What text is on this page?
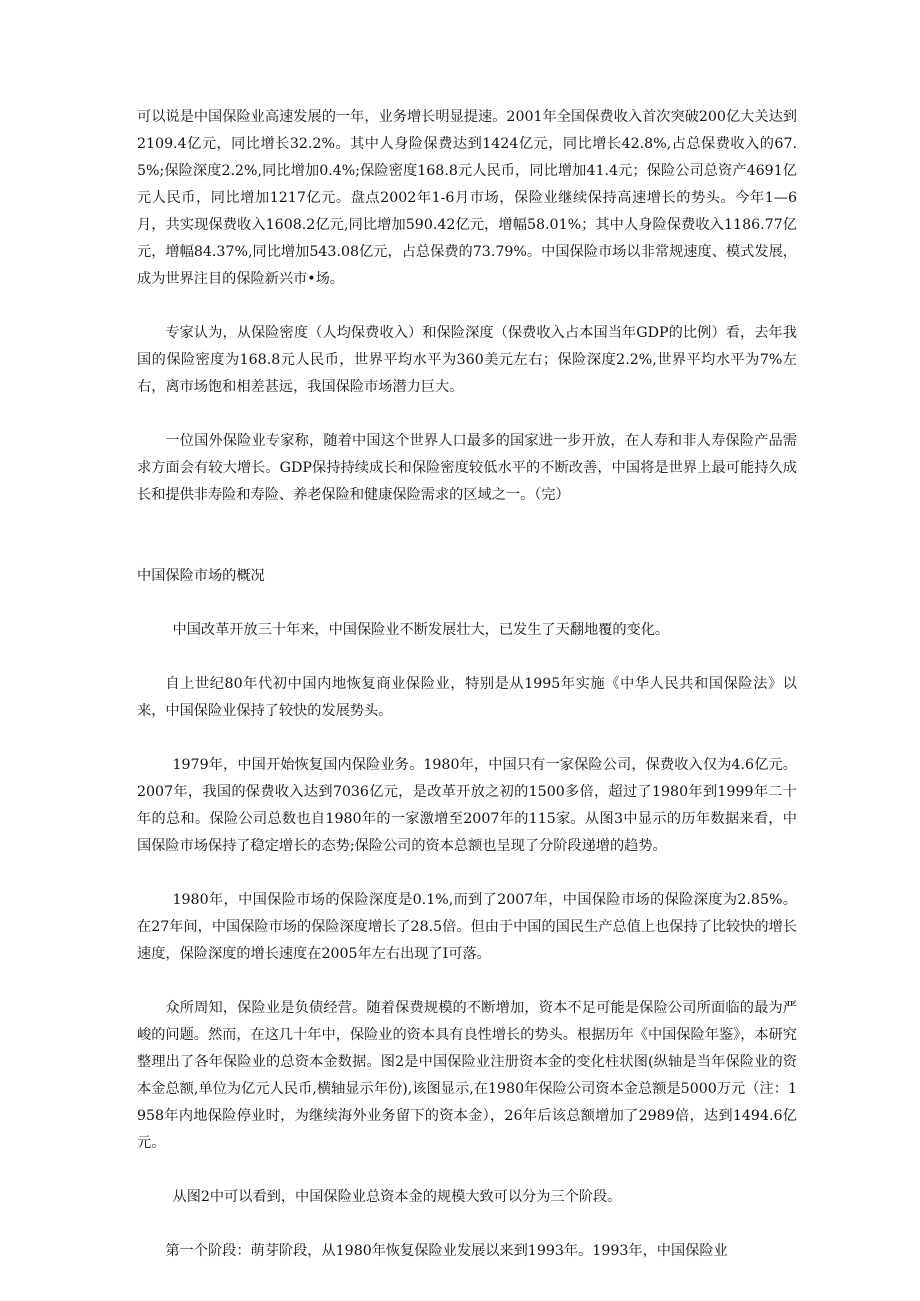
可以说是中国保险业高速发展的一年，业务增长明显提速。2001年全国保费收入首次突破200亿大关达到2109.4亿元，同比增长32.2%。其中人身险保费达到1424亿元，同比增长42.8%,占总保费收入的67.5%;保险深度2.2%,同比增加0.4%;保险密度168.8元人民币，同比增加41.4元；保险公司总资产4691亿元人民币，同比增加1217亿元。盘点2002年1-6月市场，保险业继续保持高速增长的势头。今年1—6月，共实现保费收入1608.2亿元,同比增加590.42亿元，增幅58.01%；其中人身险保费收入1186.77亿元，增幅84.37%,同比增加543.08亿元，占总保费的73.79%。中国保险市场以非常规速度、模式发展，成为世界注目的保险新兴市•场。

专家认为，从保险密度（人均保费收入）和保险深度（保费收入占本国当年GDP的比例）看，去年我国的保险密度为168.8元人民币，世界平均水平为360美元左右；保险深度2.2%,世界平均水平为7%左右，离市场饱和相差甚远，我国保险市场潜力巨大。

一位国外保险业专家称，随着中国这个世界人口最多的国家进一步开放，在人寿和非人寿保险产品需求方面会有较大增长。GDP保持持续成长和保险密度较低水平的不断改善，中国将是世界上最可能持久成长和提供非寿险和寿险、养老保险和健康保险需求的区域之一。（完）

中国保险市场的概况

中国改革开放三十年来，中国保险业不断发展壮大，已发生了天翻地覆的变化。

自上世纪80年代初中国内地恢复商业保险业，特别是从1995年实施《中华人民共和国保险法》以来，中国保险业保持了较快的发展势头。

1979年，中国开始恢复国内保险业务。1980年，中国只有一家保险公司，保费收入仅为4.6亿元。2007年，我国的保费收入达到7036亿元，是改革开放之初的1500多倍，超过了1980年到1999年二十年的总和。保险公司总数也自1980年的一家激增至2007年的115家。从图3中显示的历年数据来看，中国保险市场保持了稳定增长的态势;保险公司的资本总额也呈现了分阶段递增的趋势。

1980年，中国保险市场的保险深度是0.1%,而到了2007年，中国保险市场的保险深度为2.85%。在27年间，中国保险市场的保险深度增长了28.5倍。但由于中国的国民生产总值上也保持了比较快的增长速度，保险深度的增长速度在2005年左右出现了I可落。

众所周知，保险业是负债经营。随着保费规模的不断增加，资本不足可能是保险公司所面临的最为严峻的问题。然而，在这几十年中，保险业的资本具有良性增长的势头。根据历年《中国保险年鉴》，本研究整理出了各年保险业的总资本金数据。图2是中国保险业注册资本金的变化柱状图(纵轴是当年保险业的资本金总额,单位为亿元人民币,横轴显示年份),该图显示,在1980年保险公司资本金总额是5000万元（注：1958年内地保险停业时，为继续海外业务留下的资本金），26年后该总额增加了2989倍，达到1494.6亿元。

从图2中可以看到，中国保险业总资本金的规模大致可以分为三个阶段。

第一个阶段：萌芽阶段，从1980年恢复保险业发展以来到1993年。1993年，中国保险业
